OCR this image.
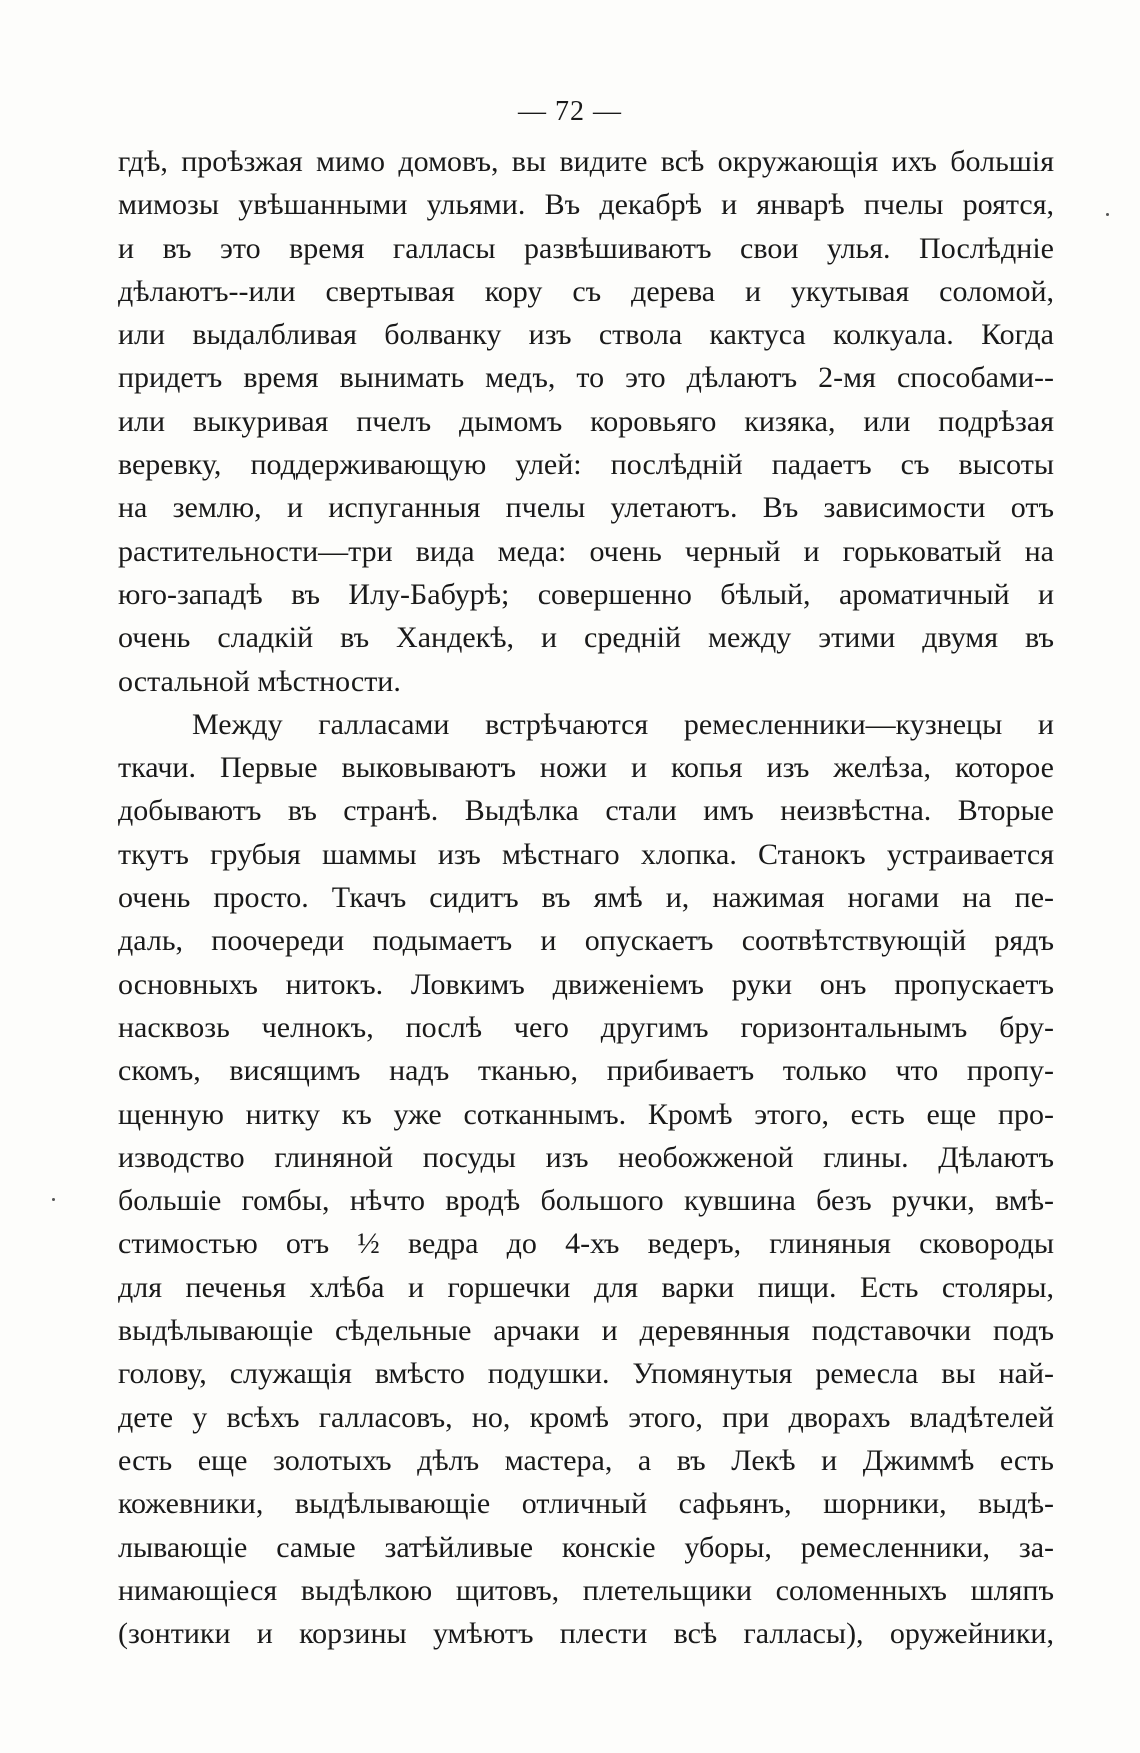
— 72 —
гдѣ, проѣзжая мимо домовъ, вы видите всѣ окружающія ихъ большія
мимозы увѣшанными ульями. Въ декабрѣ и январѣ пчелы роятся,
и въ это время галласы развѣшиваютъ свои улья. Послѣдніе
дѣлаютъ--или свертывая кору съ дерева и укутывая соломой,
или выдалбливая болванку изъ ствола кактуса колкуала. Когда
придетъ время вынимать медъ, то это дѣлаютъ 2-мя способами--
или выкуривая пчелъ дымомъ коровьяго кизяка, или подрѣзая
веревку, поддерживающую улей: послѣдній падаетъ съ высоты
на землю, и испуганныя пчелы улетаютъ. Въ зависимости отъ
растительности—три вида меда: очень черный и горьковатый на
юго-западѣ въ Илу-Бабурѣ; совершенно бѣлый, ароматичный и
очень сладкій въ Хандекѣ, и средній между этими двумя въ
остальной мѣстности.
Между галласами встрѣчаются ремесленники—кузнецы и
ткачи. Первые выковываютъ ножи и копья изъ желѣза, которое
добываютъ въ странѣ. Выдѣлка стали имъ неизвѣстна. Вторые
ткутъ грубыя шаммы изъ мѣстнаго хлопка. Станокъ устраивается
очень просто. Ткачъ сидитъ въ ямѣ и, нажимая ногами на пе-
даль, поочереди подымаетъ и опускаетъ соотвѣтствующій рядъ
основныхъ нитокъ. Ловкимъ движеніемъ руки онъ пропускаетъ
насквозь челнокъ, послѣ чего другимъ горизонтальнымъ бру-
скомъ, висящимъ надъ тканью, прибиваетъ только что пропу-
щенную нитку къ уже сотканнымъ. Кромѣ этого, есть еще про-
изводство глиняной посуды изъ необожженой глины. Дѣлаютъ
большіе гомбы, нѣчто вродѣ большого кувшина безъ ручки, вмѣ-
стимостью отъ ½ ведра до 4-хъ ведеръ, глиняныя сковороды
для печенья хлѣба и горшечки для варки пищи. Есть столяры,
выдѣлывающіе сѣдельные арчаки и деревянныя подставочки подъ
голову, служащія вмѣсто подушки. Упомянутыя ремесла вы най-
дете у всѣхъ галласовъ, но, кромѣ этого, при дворахъ владѣтелей
есть еще золотыхъ дѣлъ мастера, а въ Лекѣ и Джиммѣ есть
кожевники, выдѣлывающіе отличный сафьянъ, шорники, выдѣ-
лывающіе самые затѣйливые конскіе уборы, ремесленники, за-
нимающіеся выдѣлкою щитовъ, плетельщики соломенныхъ шляпъ
(зонтики и корзины умѣютъ плести всѣ галласы), оружейники,
